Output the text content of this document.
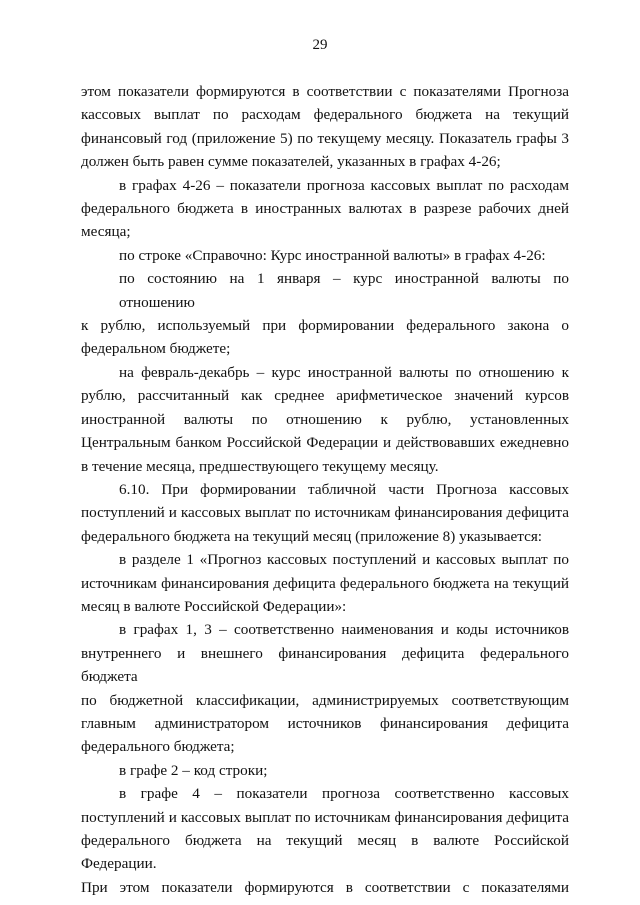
29
этом показатели формируются в соответствии с показателями Прогноза
кассовых выплат по расходам федерального бюджета на текущий
финансовый год (приложение 5) по текущему месяцу. Показатель графы 3
должен быть равен сумме показателей, указанных в графах 4-26;
в графах 4-26 – показатели прогноза кассовых выплат по расходам
федерального бюджета в иностранных валютах в разрезе рабочих дней
месяца;
по строке «Справочно: Курс иностранной валюты» в графах 4-26:
по состоянию на 1 января – курс иностранной валюты по отношению
к рублю, используемый при формировании федерального закона о
федеральном бюджете;
на февраль-декабрь – курс иностранной валюты по отношению к
рублю, рассчитанный как среднее арифметическое значений курсов
иностранной валюты по отношению к рублю, установленных
Центральным банком Российской Федерации и действовавших ежедневно
в течение месяца, предшествующего текущему месяцу.
6.10. При формировании табличной части Прогноза кассовых
поступлений и кассовых выплат по источникам финансирования дефицита
федерального бюджета на текущий месяц (приложение 8) указывается:
в разделе 1 «Прогноз кассовых поступлений и кассовых выплат по
источникам финансирования дефицита федерального бюджета на текущий
месяц в валюте Российской Федерации»:
в графах 1, 3 – соответственно наименования и коды источников
внутреннего и внешнего финансирования дефицита федерального бюджета
по бюджетной классификации, администрируемых соответствующим
главным администратором источников финансирования дефицита
федерального бюджета;
в графе 2 – код строки;
в графе 4 – показатели прогноза соответственно кассовых
поступлений и кассовых выплат по источникам финансирования дефицита
федерального бюджета на текущий месяц в валюте Российской Федерации.
При этом показатели формируются в соответствии с показателями
